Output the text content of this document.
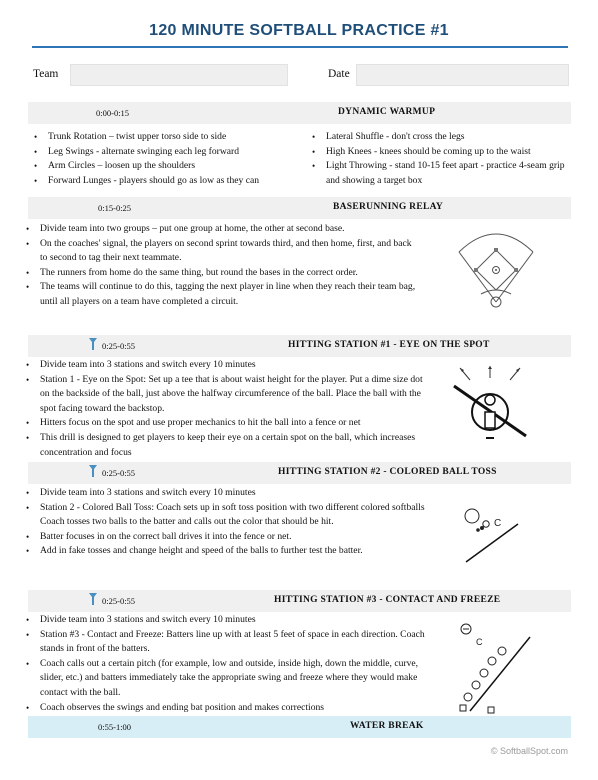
120 MINUTE SOFTBALL PRACTICE #1
Team	Date
0:00-0:15	DYNAMIC WARMUP
• Trunk Rotation – twist upper torso side to side
• Leg Swings - alternate swinging each leg forward
• Arm Circles – loosen up the shoulders
• Forward Lunges - players should go as low as they can
• Lateral Shuffle - don't cross the legs
• High Knees - knees should be coming up to the waist
• Light Throwing - stand 10-15 feet apart - practice 4-seam grip and showing a target box
0:15-0:25	BASERUNNING RELAY
• Divide team into two groups – put one group at home, the other at second base.
• On the coaches' signal, the players on second sprint towards third, and then home, first, and back to second to tag their next teammate.
• The runners from home do the same thing, but round the bases in the correct order.
• The teams will continue to do this, tagging the next player in line when they reach their team bag, until all players on a team have completed a circuit.
0:25-0:55	HITTING STATION #1 - EYE ON THE SPOT
• Divide team into 3 stations and switch every 10 minutes
• Station 1 - Eye on the Spot: Set up a tee that is about waist height for the player. Put a dime size dot on the backside of the ball, just above the halfway circumference of the ball. Place the ball with the spot facing toward the backstop.
• Hitters focus on the spot and use proper mechanics to hit the ball into a fence or net
• This drill is designed to get players to keep their eye on a certain spot on the ball, which increases concentration and focus
0:25-0:55	HITTING STATION #2 - COLORED BALL TOSS
• Divide team into 3 stations and switch every 10 minutes
• Station 2 - Colored Ball Toss: Coach sets up in soft toss position with two different colored softballs Coach tosses two balls to the batter and calls out the color that should be hit.
• Batter focuses in on the correct ball drives it into the fence or net.
• Add in fake tosses and change height and speed of the balls to further test the batter.
C
0:25-0:55	HITTING STATION #3 - CONTACT AND FREEZE
• Divide team into 3 stations and switch every 10 minutes
• Station #3 - Contact and Freeze: Batters line up with at least 5 feet of space in each direction. Coach stands in front of the batters.
• Coach calls out a certain pitch (for example, low and outside, inside high, down the middle, curve, slider, etc.) and batters immediately take the appropriate swing and freeze where they would make contact with the ball.
• Coach observes the swings and ending bat position and makes corrections
C
0:55-1:00	WATER BREAK
© SoftballSpot.com
